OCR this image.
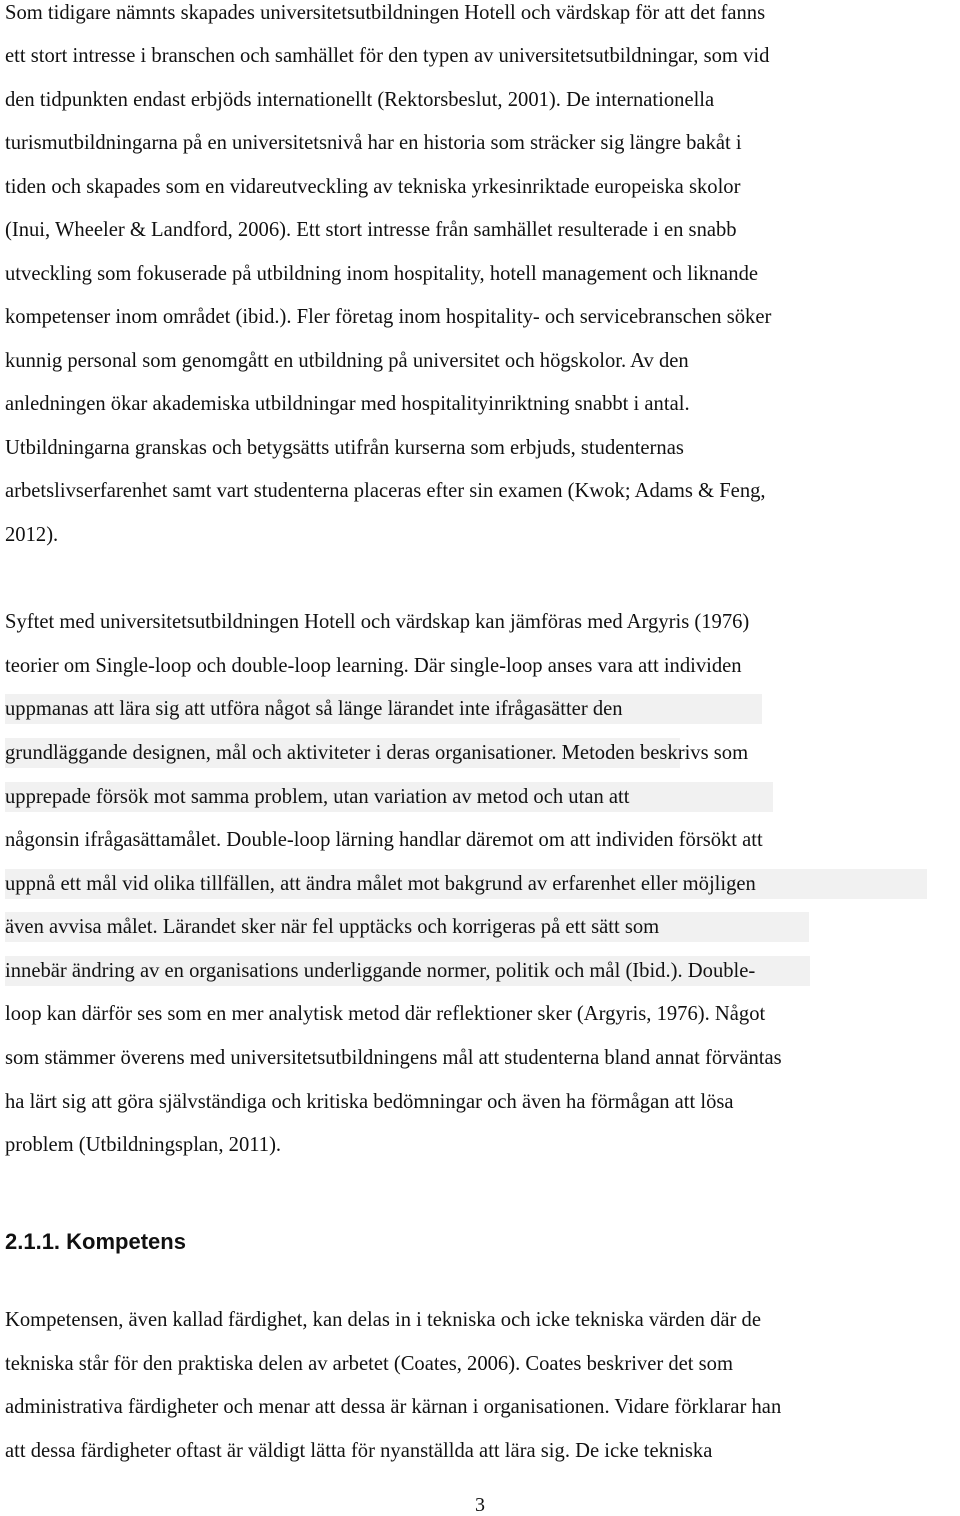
Som tidigare nämnts skapades universitetsutbildningen Hotell och värdskap för att det fanns
ett stort intresse i branschen och samhället för den typen av universitetsutbildningar, som vid
den tidpunkten endast erbjöds internationellt (Rektorsbeslut, 2001). De internationella
turismutbildningarna på en universitetsnivå har en historia som sträcker sig längre bakåt i
tiden och skapades som en vidareutveckling av tekniska yrkesinriktade europeiska skolor
(Inui, Wheeler & Landford, 2006). Ett stort intresse från samhället resulterade i en snabb
utveckling som fokuserade på utbildning inom hospitality, hotell management och liknande
kompetenser inom området (ibid.). Fler företag inom hospitality- och servicebranschen söker
kunnig personal som genomgått en utbildning på universitet och högskolor. Av den
anledningen ökar akademiska utbildningar med hospitalityinriktning snabbt i antal.
Utbildningarna granskas och betygsätts utifrån kurserna som erbjuds, studenternas
arbetslivserfarenhet samt vart studenterna placeras efter sin examen (Kwok; Adams & Feng,
2012).
Syftet med universitetsutbildningen Hotell och värdskap kan jämföras med Argyris (1976)
teorier om Single-loop och double-loop learning. Där single-loop anses vara att individen
uppmanas att lära sig att utföra något så länge lärandet inte ifrågasätter den
grundläggande designen, mål och aktiviteter i deras organisationer. Metoden beskrivs som
upprepade försök mot samma problem, utan variation av metod och utan att
någonsin ifrågasättamålet. Double-loop lärning handlar däremot om att individen försökt att
uppnå ett mål vid olika tillfällen, att ändra målet mot bakgrund av erfarenhet eller möjligen
även avvisa målet. Lärandet sker när fel upptäcks och korrigeras på ett sätt som
innebär ändring av en organisations underliggande normer, politik och mål (Ibid.). Double-
loop kan därför ses som en mer analytisk metod där reflektioner sker (Argyris, 1976). Något
som stämmer överens med universitetsutbildningens mål att studenterna bland annat förväntas
ha lärt sig att göra självständiga och kritiska bedömningar och även ha förmågan att lösa
problem (Utbildningsplan, 2011).
2.1.1. Kompetens
Kompetensen, även kallad färdighet, kan delas in i tekniska och icke tekniska värden där de
tekniska står för den praktiska delen av arbetet (Coates, 2006). Coates beskriver det som
administrativa färdigheter och menar att dessa är kärnan i organisationen. Vidare förklarar han
att dessa färdigheter oftast är väldigt lätta för nyanställda att lära sig. De icke tekniska
3
